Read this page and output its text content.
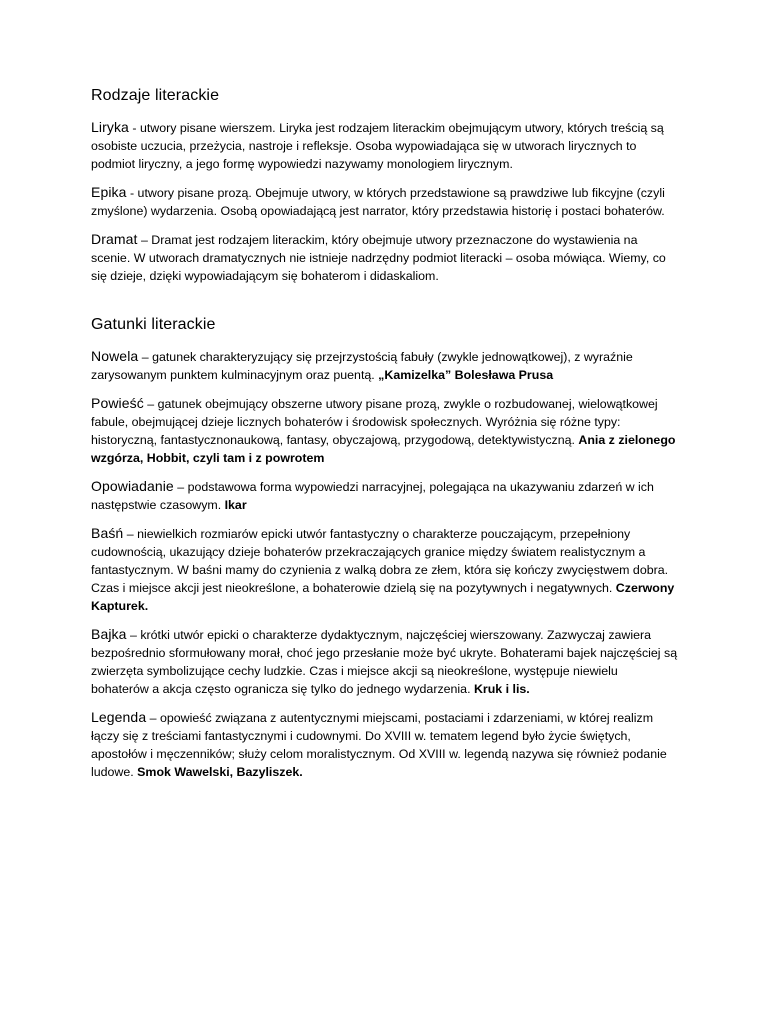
Rodzaje literackie

Liryka - utwory pisane wierszem. Liryka jest rodzajem literackim obejmującym utwory, których treścią są osobiste uczucia, przeżycia, nastroje i refleksje. Osoba wypowiadająca się w utworach lirycznych to podmiot liryczny, a jego formę wypowiedzi nazywamy monologiem lirycznym.

Epika - utwory pisane prozą. Obejmuje utwory, w których przedstawione są prawdziwe lub fikcyjne (czyli zmyślone) wydarzenia. Osobą opowiadającą jest narrator, który przedstawia historię i postaci bohaterów.

Dramat – Dramat jest rodzajem literackim, który obejmuje utwory przeznaczone do wystawienia na scenie. W utworach dramatycznych nie istnieje nadrzędny podmiot literacki – osoba mówiąca. Wiemy, co się dzieje, dzięki wypowiadającym się bohaterom i didaskaliom.

Gatunki literackie

Nowela – gatunek charakteryzujący się przejrzystością fabuły (zwykle jednowątkowej), z wyraźnie zarysowanym punktem kulminacyjnym oraz puentą. „Kamizelka” Bolesława Prusa

Powieść – gatunek obejmujący obszerne utwory pisane prozą, zwykle o rozbudowanej, wielowątkowej fabule, obejmującej dzieje licznych bohaterów i środowisk społecznych. Wyróżnia się różne typy: historyczną, fantastycznonaukową, fantasy, obyczajową, przygodową, detektywistyczną. Ania z zielonego wzgórza, Hobbit, czyli tam i z powrotem

Opowiadanie – podstawowa forma wypowiedzi narracyjnej, polegająca na ukazywaniu zdarzeń w ich następstwie czasowym. Ikar

Baśń – niewielkich rozmiarów epicki utwór fantastyczny o charakterze pouczającym, przepełniony cudownością, ukazujący dzieje bohaterów przekraczających granice między światem realistycznym a fantastycznym. W baśni mamy do czynienia z walką dobra ze złem, która się kończy zwycięstwem dobra. Czas i miejsce akcji jest nieokreślone, a bohaterowie dzielą się na pozytywnych i negatywnych. Czerwony Kapturek.

Bajka – krótki utwór epicki o charakterze dydaktycznym, najczęściej wierszowany. Zazwyczaj zawiera bezpośrednio sformułowany morał, choć jego przesłanie może być ukryte. Bohaterami bajek najczęściej są zwierzęta symbolizujące cechy ludzkie. Czas i miejsce akcji są nieokreślone, występuje niewielu bohaterów a akcja często ogranicza się tylko do jednego wydarzenia. Kruk i lis.

Legenda – opowieść związana z autentycznymi miejscami, postaciami i zdarzeniami, w której realizm łączy się z treściami fantastycznymi i cudownymi. Do XVIII w. tematem legend było życie świętych, apostołów i męczenników; służy celom moralistycznym. Od XVIII w. legendą nazywa się również podanie ludowe. Smok Wawelski, Bazyliszek.
